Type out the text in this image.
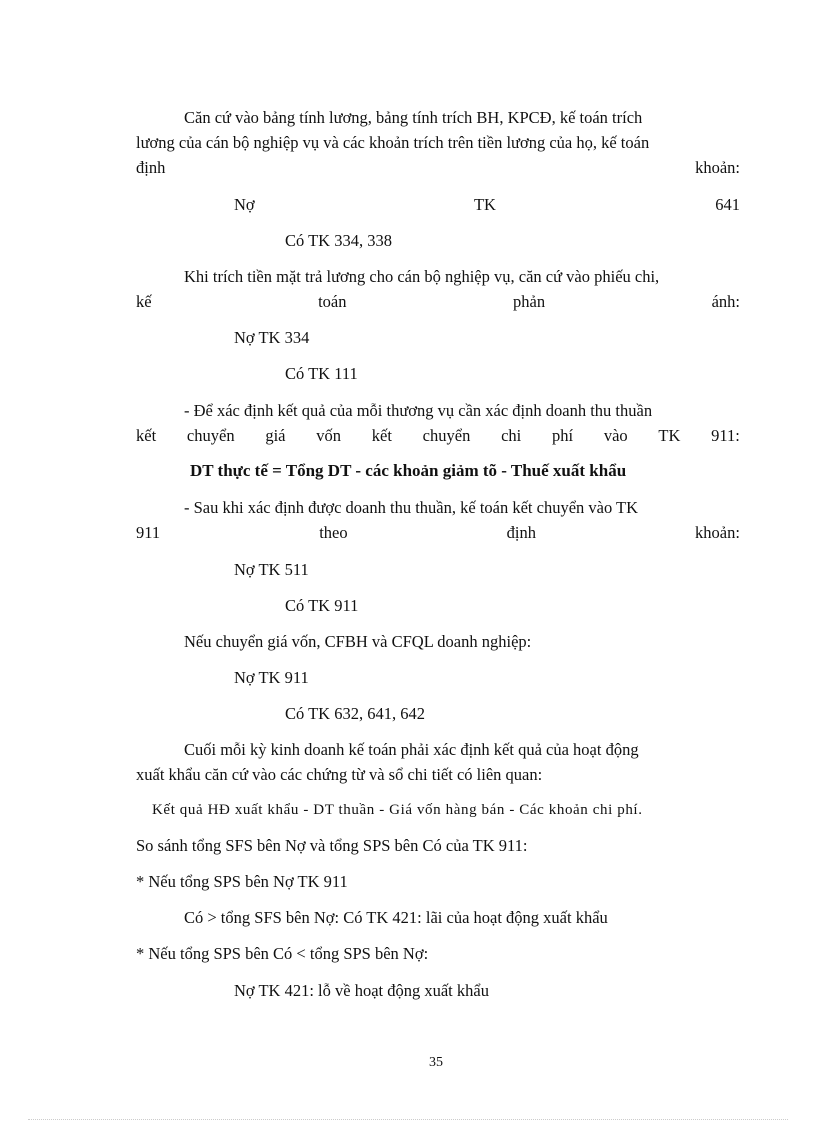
Căn cứ vào bảng tính lương, bảng tính trích BH, KPCĐ, kế toán trích
lương của cán bộ nghiệp vụ và các khoản trích trên tiền lương của họ, kế toán
định	khoản:
Nợ	TK	641
Có TK 334, 338
Khi trích tiền mặt trả lương cho cán bộ nghiệp vụ, căn cứ vào phiếu chi,
kế	toán	phản	ánh:
Nợ TK 334
Có TK 111
- Để xác định kết quả của mỗi thương vụ cần xác định doanh thu thuần
kết chuyển giá vốn kết chuyển chi phí vào TK 911:
DT thực tế = Tổng DT - các khoản giảm tõ - Thuế xuất khẩu
- Sau khi xác định được doanh thu thuần, kế toán kết chuyển vào TK
911	theo	định	khoản:
Nợ TK 511
Có TK 911
Nếu chuyển giá vốn, CFBH và CFQL doanh nghiệp:
Nợ TK 911
Có TK 632, 641, 642
Cuối mỗi kỳ kinh doanh kế toán phải xác định kết quả của hoạt động
xuất khẩu căn cứ vào các chứng từ và sổ chi tiết có liên quan:
Kết quả HĐ xuất khẩu - DT thuần - Giá vốn hàng bán - Các khoản chi phí.
So sánh tổng SFS bên Nợ và tổng SPS bên Có của TK 911:
* Nếu tổng SPS bên Nợ TK 911
Có > tổng SFS bên Nợ: Có TK 421: lãi của hoạt động xuất khẩu
* Nếu tổng SPS bên Có < tổng SPS bên Nợ:
Nợ TK 421: lỗ về hoạt động xuất khẩu
35
